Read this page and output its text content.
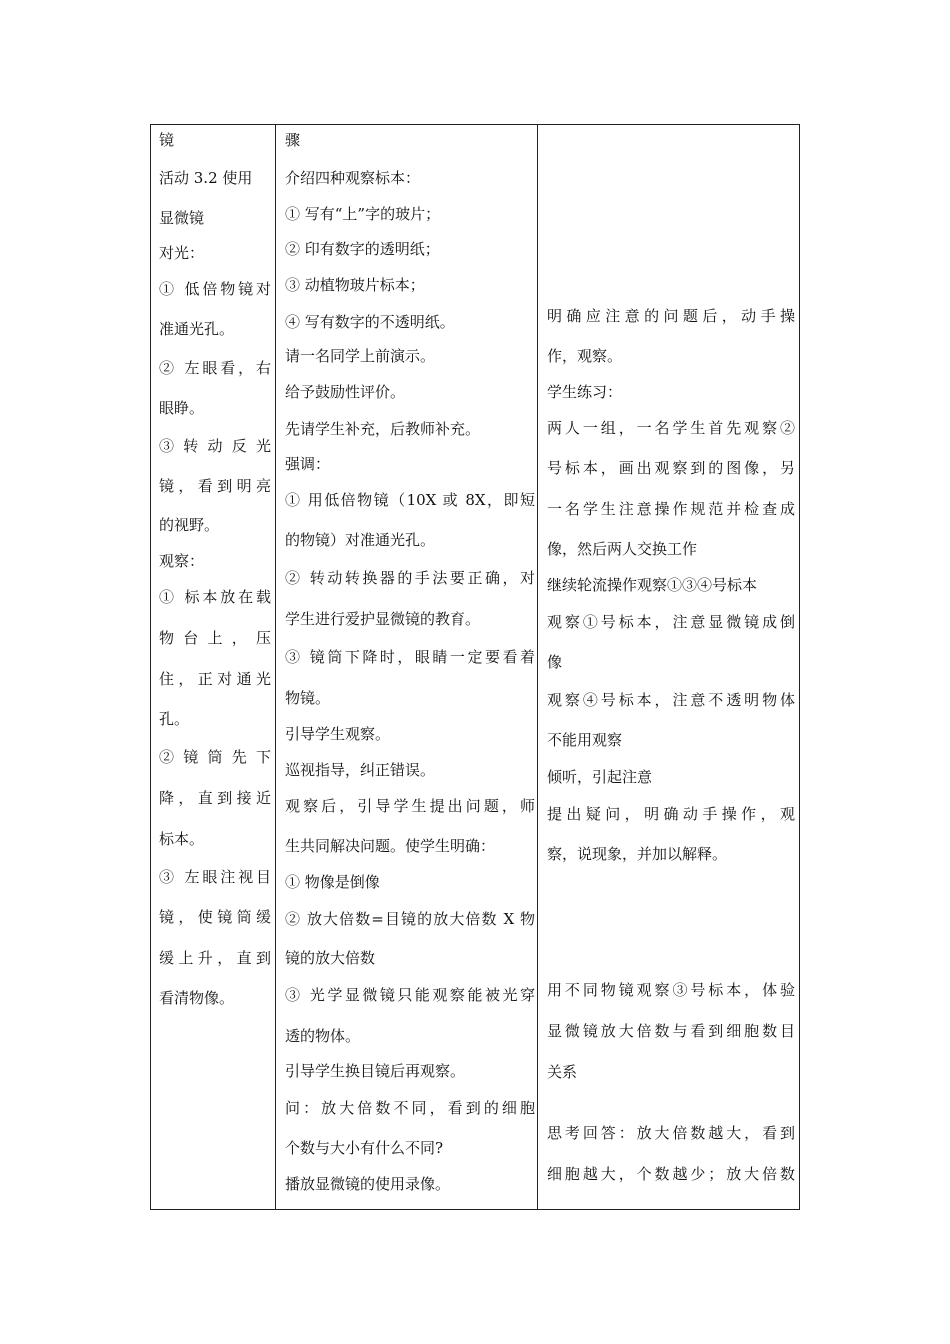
镜

活动 3.2 使用

显微镜

对光：

① 低倍物镜对

准通光孔。

② 左眼看，右

眼睁。

③ 转 动 反 光

镜，看到明亮

的视野。

观察：

① 标本放在载

物 台 上 ， 压

住，正对通光

孔。

② 镜 筒 先 下

降，直到接近

标本。

③ 左眼注视目

镜，使镜筒缓

缓上升，直到

看清物像。

骤

介绍四种观察标本：

① 写有“上”字的玻片；

② 印有数字的透明纸；

③ 动植物玻片标本；

④ 写有数字的不透明纸。

请一名同学上前演示。

给予鼓励性评价。

先请学生补充，后教师补充。

强调：

① 用低倍物镜（10X 或 8X，即短

的物镜）对准通光孔。

② 转动转换器的手法要正确，对

学生进行爱护显微镜的教育。

③ 镜筒下降时，眼睛一定要看着

物镜。

引导学生观察。

巡视指导，纠正错误。

观察后，引导学生提出问题，师

生共同解决问题。使学生明确：

① 物像是倒像

② 放大倍数=目镜的放大倍数 X 物

镜的放大倍数

③ 光学显微镜只能观察能被光穿

透的物体。

引导学生换目镜后再观察。

问：放大倍数不同，看到的细胞

个数与大小有什么不同?

播放显微镜的使用录像。

明确应注意的问题后，动手操

作，观察。

学生练习：

两人一组，一名学生首先观察②

号标本，画出观察到的图像，另

一名学生注意操作规范并检查成

像，然后两人交换工作

继续轮流操作观察①③④号标本

观察①号标本，注意显微镜成倒

像

观察④号标本，注意不透明物体

不能用观察

倾听，引起注意

提出疑问，明确动手操作，观

察，说现象，并加以解释。

用不同物镜观察③号标本，体验

显微镜放大倍数与看到细胞数目

关系

思考回答：放大倍数越大，看到

细胞越大，个数越少；放大倍数
